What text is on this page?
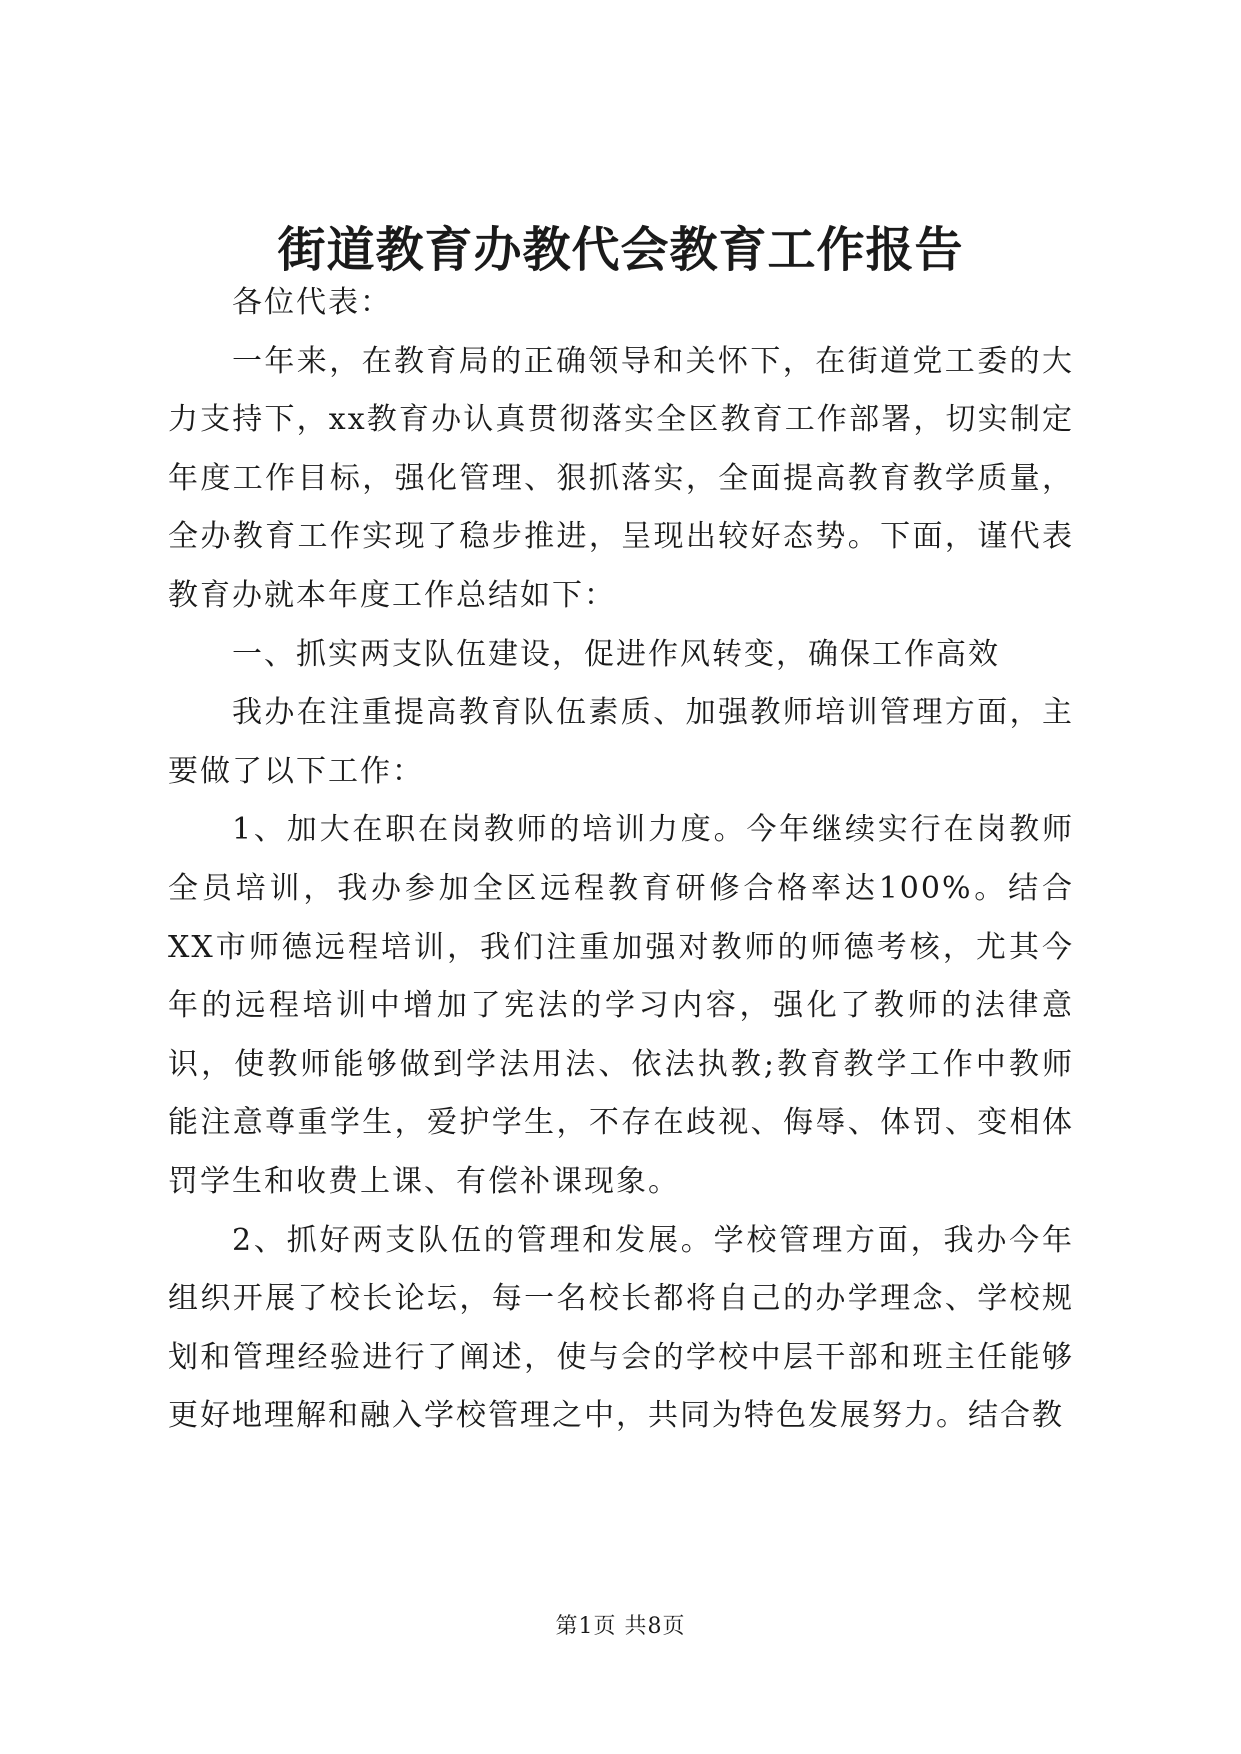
街道教育办教代会教育工作报告

各位代表：

一年来，在教育局的正确领导和关怀下，在街道党工委的大力支持下，xx教育办认真贯彻落实全区教育工作部署，切实制定年度工作目标，强化管理、狠抓落实，全面提高教育教学质量，全办教育工作实现了稳步推进，呈现出较好态势。下面，谨代表教育办就本年度工作总结如下：

一、抓实两支队伍建设，促进作风转变，确保工作高效

我办在注重提高教育队伍素质、加强教师培训管理方面，主要做了以下工作：

1、加大在职在岗教师的培训力度。今年继续实行在岗教师全员培训，我办参加全区远程教育研修合格率达100%。结合XX市师德远程培训，我们注重加强对教师的师德考核，尤其今年的远程培训中增加了宪法的学习内容，强化了教师的法律意识，使教师能够做到学法用法、依法执教;教育教学工作中教师能注意尊重学生，爱护学生，不存在歧视、侮辱、体罚、变相体罚学生和收费上课、有偿补课现象。

2、抓好两支队伍的管理和发展。学校管理方面，我办今年组织开展了校长论坛，每一名校长都将自己的办学理念、学校规划和管理经验进行了阐述，使与会的学校中层干部和班主任能够更好地理解和融入学校管理之中，共同为特色发展努力。结合教

第1页 共8页
